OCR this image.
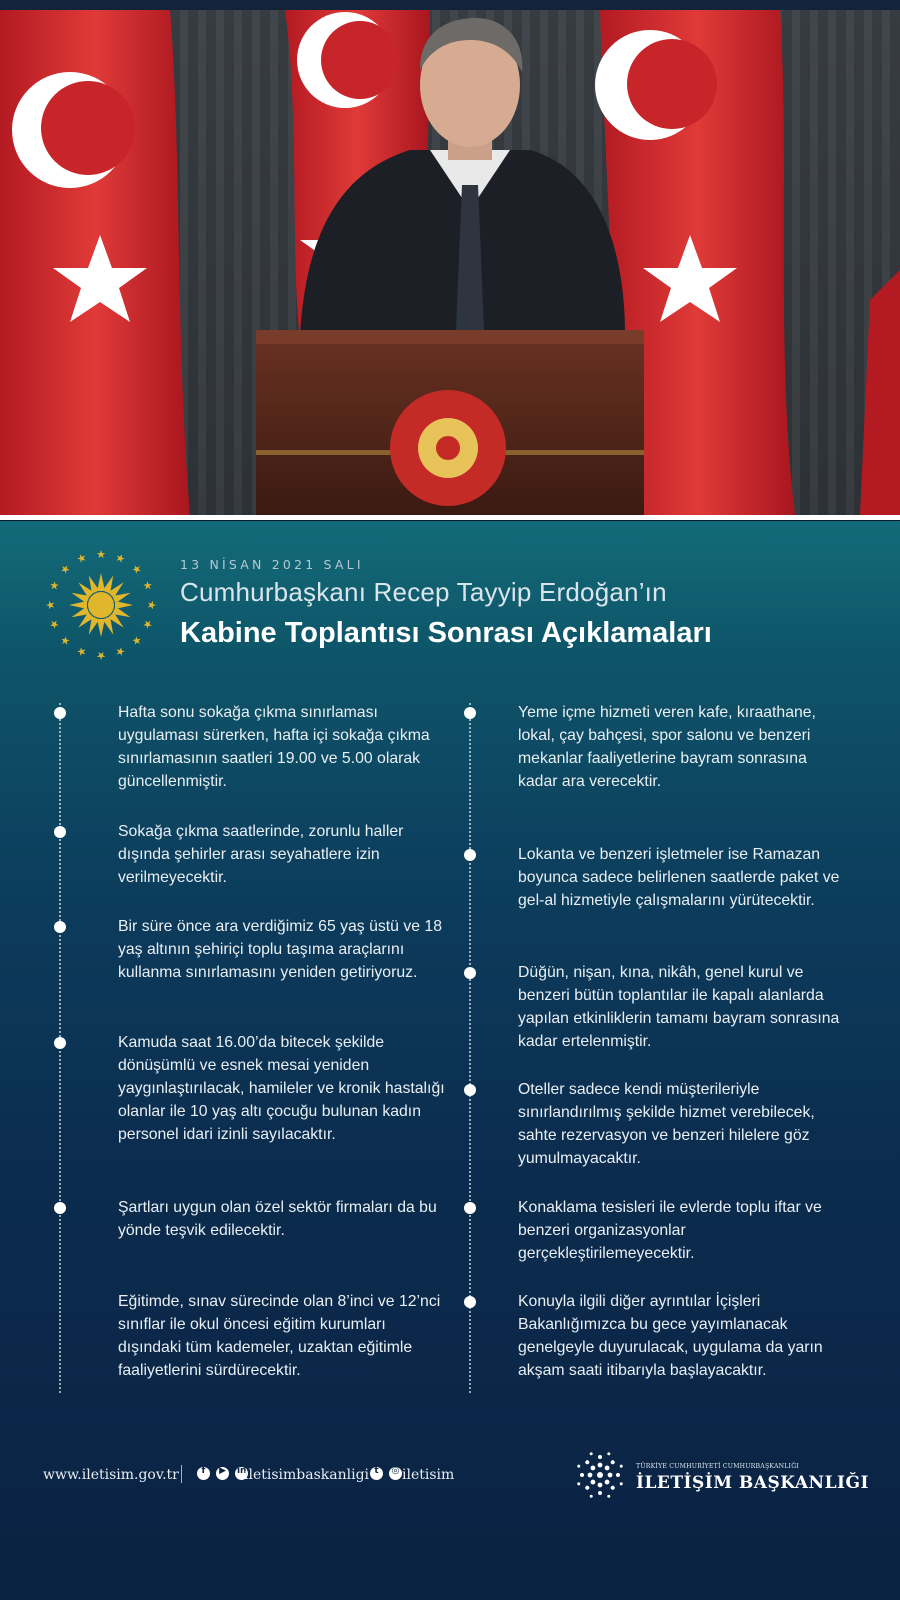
★ ★
★
★
★
★
★
★
★
★
★
★
★
★
★
★	13 NİSAN 2021 SALI
Cumhurbaşkanı Recep Tayyip Erdoğan’ın
Kabine Toplantısı Sonrası Açıklamaları
Hafta sonu sokağa çıkma sınırlaması uygulaması sürerken, hafta içi sokağa çıkma sınırlamasının saatleri 19.00 ve 5.00 olarak güncellenmiştir.
Sokağa çıkma saatlerinde, zorunlu haller dışında şehirler arası seyahatlere izin verilmeyecektir.
Bir süre önce ara verdiğimiz 65 yaş üstü ve 18 yaş altının şehiriçi toplu taşıma araçlarını kullanma sınırlamasını yeniden getiriyoruz.
Kamuda saat 16.00’da bitecek şekilde dönüşümlü ve esnek mesai yeniden yaygınlaştırılacak, hamileler ve kronik hastalığı olanlar ile 10 yaş altı çocuğu bulunan kadın personel idari izinli sayılacaktır.
Şartları uygun olan özel sektör firmaları da bu yönde teşvik edilecektir.
Eğitimde, sınav sürecinde olan 8’inci ve 12’nci sınıflar ile okul öncesi eğitim kurumları dışındaki tüm kademeler, uzaktan eğitimle faaliyetlerini sürdürecektir.
Yeme içme hizmeti veren kafe, kıraathane, lokal, çay bahçesi, spor salonu ve benzeri mekanlar faaliyetlerine bayram sonrasına kadar ara verecektir.
Lokanta ve benzeri işletmeler ise Ramazan boyunca sadece belirlenen saatlerde paket ve gel-al hizmetiyle çalışmalarını yürütecektir.
Düğün, nişan, kına, nikâh, genel kurul ve benzeri bütün toplantılar ile kapalı alanlarda yapılan etkinliklerin tamamı bayram sonrasına kadar ertelenmiştir.
Oteller sadece kendi müşterileriyle sınırlandırılmış şekilde hizmet verebilecek, sahte rezervasyon ve benzeri hilelere göz yumulmayacaktır.
Konaklama tesisleri ile evlerde toplu iftar ve benzeri organizasyonlar gerçekleştirilemeyecektir.
Konuyla ilgili diğer ayrıntılar İçişleri Bakanlığımızca bu gece yayımlanacak genelgeyle duyurulacak, uygulama da yarın akşam saati itibarıyla başlayacaktır.
www.iletisim.gov.tr	f
	▶
	in
iletisimbaskanligi t
	◎ iletisim
TÜRKİYE CUMHURİYETİ CUMHURBAŞKANLIĞI
İLETİŞİM BAŞKANLIĞI
